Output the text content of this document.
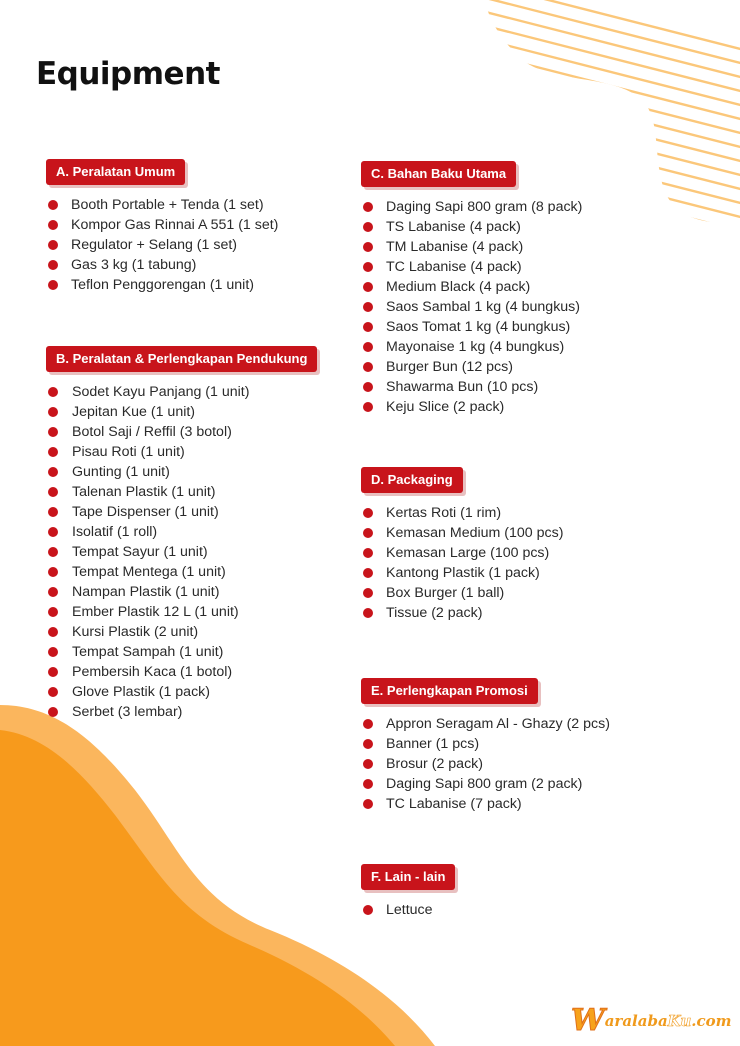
Equipment
A. Peralatan Umum
Booth Portable + Tenda (1 set)
Kompor Gas Rinnai A 551 (1 set)
Regulator + Selang (1 set)
Gas 3 kg (1 tabung)
Teflon Penggorengan (1 unit)
B. Peralatan & Perlengkapan Pendukung
Sodet Kayu Panjang (1 unit)
Jepitan Kue (1 unit)
Botol Saji / Reffil (3 botol)
Pisau Roti (1 unit)
Gunting (1 unit)
Talenan Plastik (1 unit)
Tape Dispenser (1 unit)
Isolatif (1 roll)
Tempat Sayur (1 unit)
Tempat Mentega (1 unit)
Nampan Plastik (1 unit)
Ember Plastik 12 L (1 unit)
Kursi Plastik (2 unit)
Tempat Sampah (1 unit)
Pembersih Kaca (1 botol)
Glove Plastik (1 pack)
Serbet (3 lembar)
C. Bahan Baku Utama
Daging Sapi 800 gram (8 pack)
TS Labanise (4 pack)
TM Labanise (4 pack)
TC Labanise (4 pack)
Medium Black (4 pack)
Saos Sambal 1 kg (4 bungkus)
Saos Tomat 1 kg (4 bungkus)
Mayonaise 1 kg (4 bungkus)
Burger Bun (12 pcs)
Shawarma Bun (10 pcs)
Keju Slice (2 pack)
D. Packaging
Kertas Roti (1 rim)
Kemasan Medium (100 pcs)
Kemasan Large (100 pcs)
Kantong Plastik (1 pack)
Box Burger (1 ball)
Tissue (2 pack)
E. Perlengkapan Promosi
Appron Seragam Al - Ghazy (2 pcs)
Banner (1 pcs)
Brosur (2 pack)
Daging Sapi 800 gram (2 pack)
TC Labanise (7 pack)
F. Lain - lain
Lettuce
WaralabaKu.com
